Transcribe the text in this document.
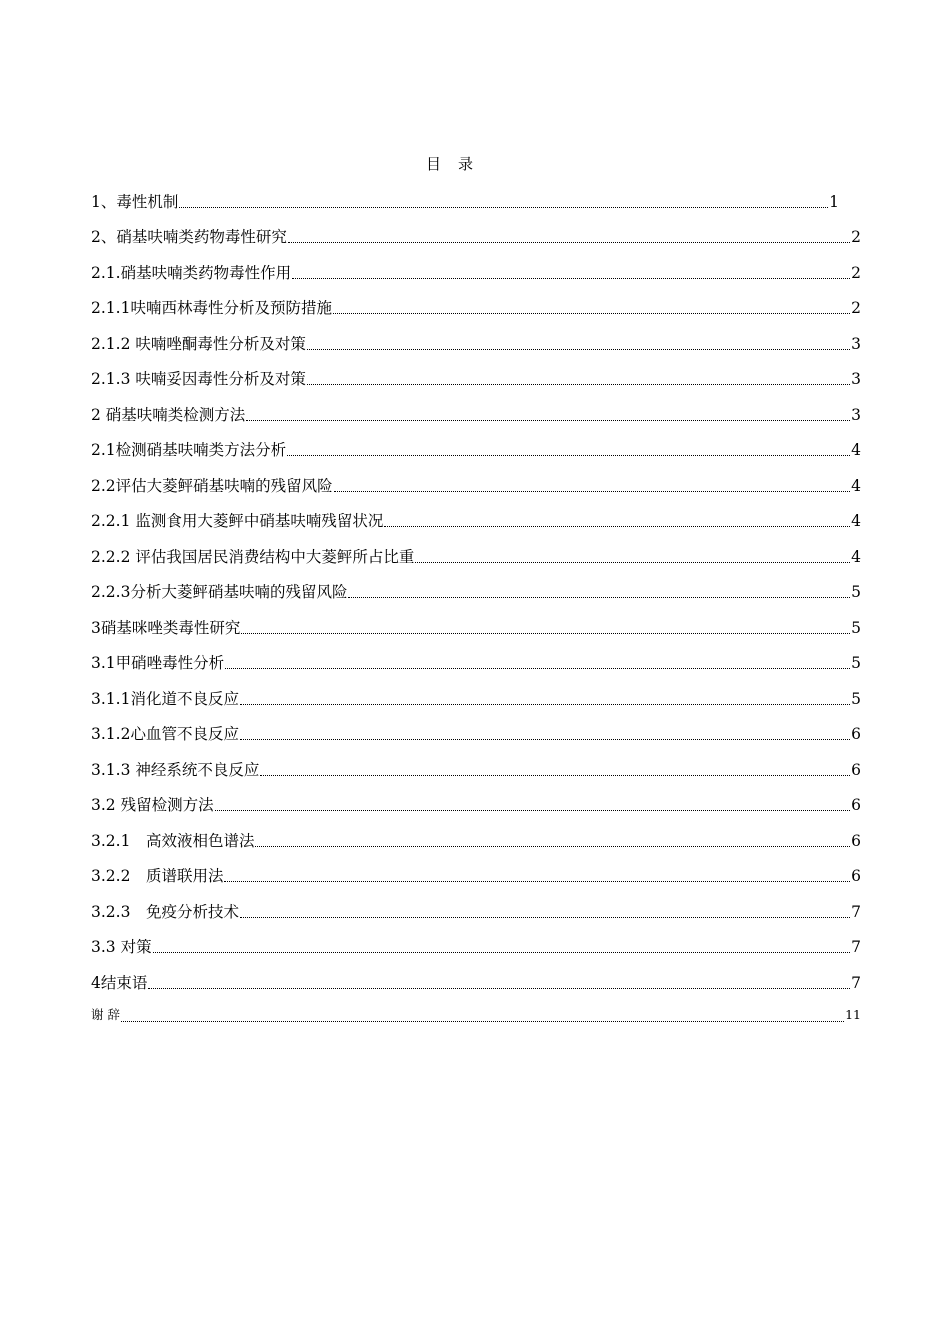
目　录
1、毒性机制	1
2、硝基呋喃类药物毒性研究	2
2.1.硝基呋喃类药物毒性作用	2
2.1.1呋喃西林毒性分析及预防措施	2
2.1.2 呋喃唑酮毒性分析及对策	3
2.1.3 呋喃妥因毒性分析及对策	3
2 硝基呋喃类检测方法	3
2.1检测硝基呋喃类方法分析	4
2.2评估大菱鲆硝基呋喃的残留风险	4
2.2.1 监测食用大菱鲆中硝基呋喃残留状况	4
2.2.2 评估我国居民消费结构中大菱鲆所占比重	4
2.2.3分析大菱鲆硝基呋喃的残留风险	5
3硝基咪唑类毒性研究	5
3.1甲硝唑毒性分析	5
3.1.1消化道不良反应	5
3.1.2心血管不良反应	6
3.1.3 神经系统不良反应	6
3.2 残留检测方法	6
3.2.1　高效液相色谱法	6
3.2.2　质谱联用法	6
3.2.3　免疫分析技术	7
3.3 对策	7
4结束语	7
谢 辞	11
